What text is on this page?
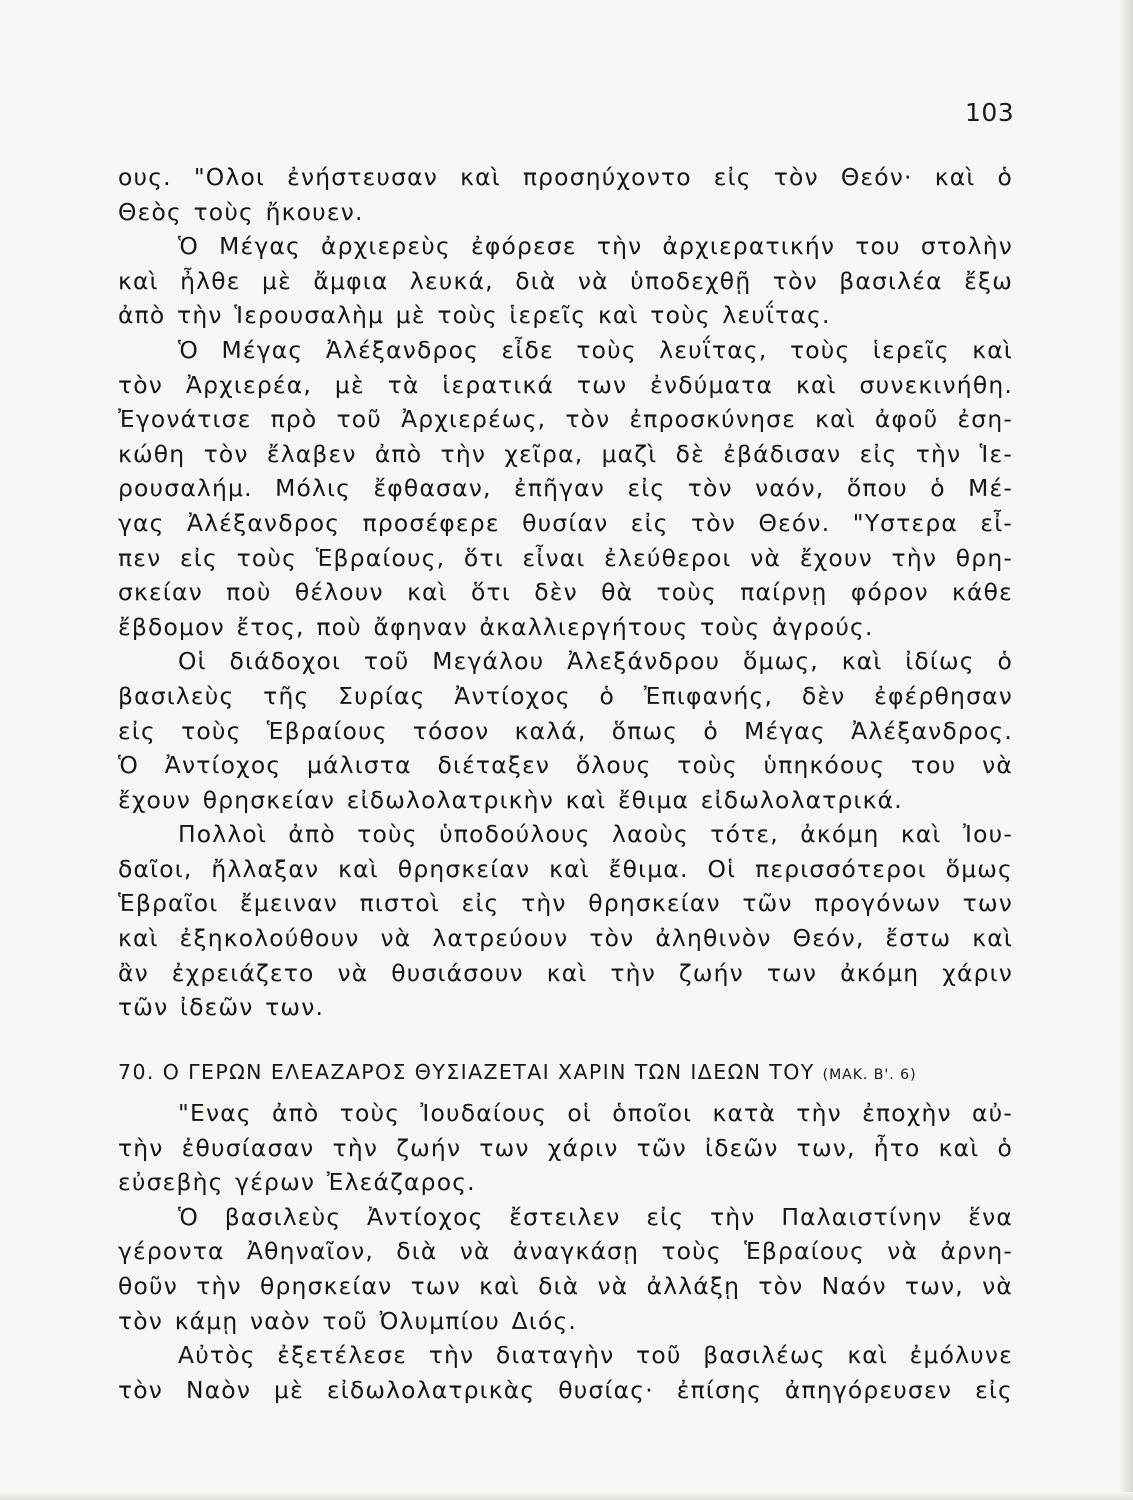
103
ους. "Ολοι ἐνήστευσαν καὶ προσηύχοντο εἰς τὸν Θεόν· καὶ ὁ
Θεὸς τοὺς ἤκουεν.
Ὁ Μέγας ἀρχιερεὺς ἐφόρεσε τὴν ἀρχιερατικήν του στολὴν
καὶ ἦλθε μὲ ἄμφια λευκά, διὰ νὰ ὑποδεχθῇ τὸν βασιλέα ἔξω
ἀπὸ τὴν Ἱερουσαλὴμ μὲ τοὺς ἱερεῖς καὶ τοὺς λευΐτας.
Ὁ Μέγας Ἀλέξανδρος εἶδε τοὺς λευΐτας, τοὺς ἱερεῖς καὶ
τὸν Ἀρχιερέα, μὲ τὰ ἱερατικά των ἐνδύματα καὶ συνεκινήθη.
Ἐγονάτισε πρὸ τοῦ Ἀρχιερέως, τὸν ἐπροσκύνησε καὶ ἀφοῦ ἐση-
κώθη τὸν ἔλαβεν ἀπὸ τὴν χεῖρα, μαζὶ δὲ ἐβάδισαν εἰς τὴν Ἱε-
ρουσαλήμ. Μόλις ἔφθασαν, ἐπῆγαν εἰς τὸν ναόν, ὅπου ὁ Μέ-
γας Ἀλέξανδρος προσέφερε θυσίαν εἰς τὸν Θεόν. "Υστερα εἶ-
πεν εἰς τοὺς Ἑβραίους, ὅτι εἶναι ἐλεύθεροι νὰ ἔχουν τὴν θρη-
σκείαν ποὺ θέλουν καὶ ὅτι δὲν θὰ τοὺς παίρνῃ φόρον κάθε
ἔβδομον ἔτος, ποὺ ἄφηναν ἀκαλλιεργήτους τοὺς ἀγρούς.
Οἱ διάδοχοι τοῦ Μεγάλου Ἀλεξάνδρου ὅμως, καὶ ἰδίως ὁ
βασιλεὺς τῆς Συρίας Ἀντίοχος ὁ Ἐπιφανής, δὲν ἐφέρθησαν
εἰς τοὺς Ἑβραίους τόσον καλά, ὅπως ὁ Μέγας Ἀλέξανδρος.
Ὁ Ἀντίοχος μάλιστα διέταξεν ὅλους τοὺς ὑπηκόους του νὰ
ἔχουν θρησκείαν εἰδωλολατρικὴν καὶ ἔθιμα εἰδωλολατρικά.
Πολλοὶ ἀπὸ τοὺς ὑποδούλους λαοὺς τότε, ἀκόμη καὶ Ἰου-
δαῖοι, ἤλλαξαν καὶ θρησκείαν καὶ ἔθιμα. Οἱ περισσότεροι ὅμως
Ἑβραῖοι ἔμειναν πιστοὶ εἰς τὴν θρησκείαν τῶν προγόνων των
καὶ ἐξηκολούθουν νὰ λατρεύουν τὸν ἀληθινὸν Θεόν, ἔστω καὶ
ἂν ἐχρειάζετο νὰ θυσιάσουν καὶ τὴν ζωήν των ἀκόμη χάριν
τῶν ἰδεῶν των.
70. Ο ΓΕΡΩΝ ΕΛΕΑΖΑΡΟΣ ΘΥΣΙΑΖΕΤΑΙ ΧΑΡΙΝ ΤΩΝ ΙΔΕΩΝ ΤΟΥ (ΜΑΚ. Β'. 6)
"Ενας ἀπὸ τοὺς Ἰουδαίους οἱ ὁποῖοι κατὰ τὴν ἐποχὴν αὐ-
τὴν ἐθυσίασαν τὴν ζωήν των χάριν τῶν ἰδεῶν των, ἦτο καὶ ὁ
εὐσεβὴς γέρων Ἐλεάζαρος.
Ὁ βασιλεὺς Ἀντίοχος ἔστειλεν εἰς τὴν Παλαιστίνην ἕνα
γέροντα Ἀθηναῖον, διὰ νὰ ἀναγκάσῃ τοὺς Ἑβραίους νὰ ἀρνη-
θοῦν τὴν θρησκείαν των καὶ διὰ νὰ ἀλλάξῃ τὸν Ναόν των, νὰ
τὸν κάμῃ ναὸν τοῦ Ὀλυμπίου Διός.
Αὐτὸς ἐξετέλεσε τὴν διαταγὴν τοῦ βασιλέως καὶ ἐμόλυνε
τὸν Ναὸν μὲ εἰδωλολατρικὰς θυσίας· ἐπίσης ἀπηγόρευσεν εἰς
